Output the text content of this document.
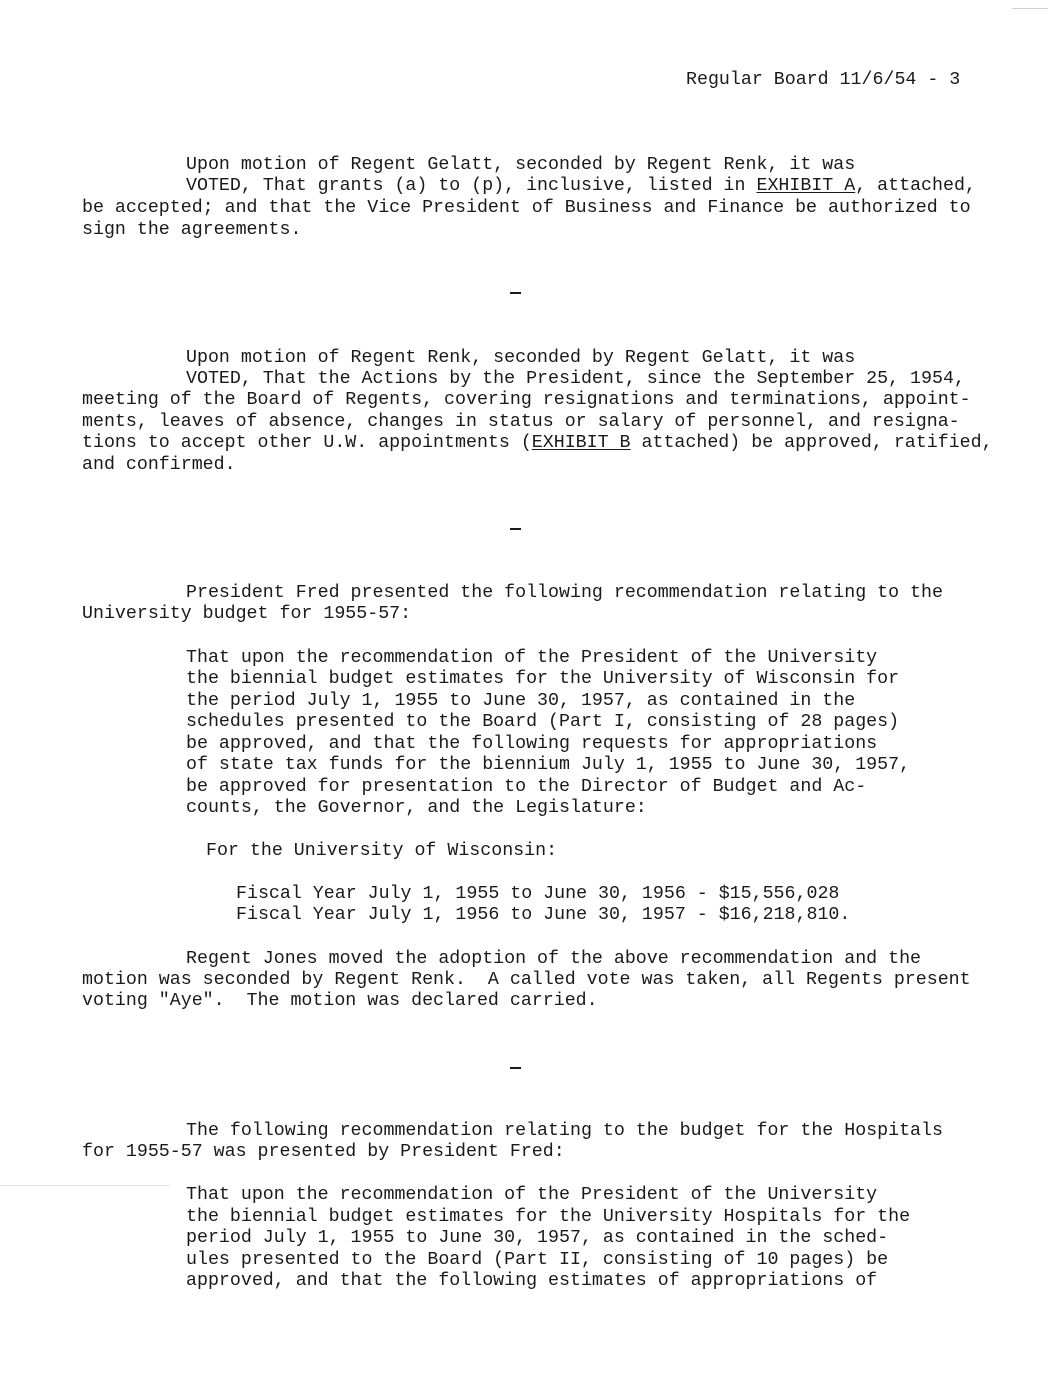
Regular Board 11/6/54 - 3
Upon motion of Regent Gelatt, seconded by Regent Renk, it was
VOTED, That grants (a) to (p), inclusive, listed in EXHIBIT A, attached,
be accepted; and that the Vice President of Business and Finance be authorized to
sign the agreements.
Upon motion of Regent Renk, seconded by Regent Gelatt, it was
VOTED, That the Actions by the President, since the September 25, 1954,
meeting of the Board of Regents, covering resignations and terminations, appoint-
ments, leaves of absence, changes in status or salary of personnel, and resigna-
tions to accept other U.W. appointments (EXHIBIT B attached) be approved, ratified,
and confirmed.
President Fred presented the following recommendation relating to the
University budget for 1955-57:
That upon the recommendation of the President of the University
the biennial budget estimates for the University of Wisconsin for
the period July 1, 1955 to June 30, 1957, as contained in the
schedules presented to the Board (Part I, consisting of 28 pages)
be approved, and that the following requests for appropriations
of state tax funds for the biennium July 1, 1955 to June 30, 1957,
be approved for presentation to the Director of Budget and Ac-
counts, the Governor, and the Legislature:
For the University of Wisconsin:
Fiscal Year July 1, 1955 to June 30, 1956 - $15,556,028
Fiscal Year July 1, 1956 to June 30, 1957 - $16,218,810.
Regent Jones moved the adoption of the above recommendation and the
motion was seconded by Regent Renk.  A called vote was taken, all Regents present
voting "Aye".  The motion was declared carried.
The following recommendation relating to the budget for the Hospitals
for 1955-57 was presented by President Fred:
That upon the recommendation of the President of the University
the biennial budget estimates for the University Hospitals for the
period July 1, 1955 to June 30, 1957, as contained in the sched-
ules presented to the Board (Part II, consisting of 10 pages) be
approved, and that the following estimates of appropriations of
